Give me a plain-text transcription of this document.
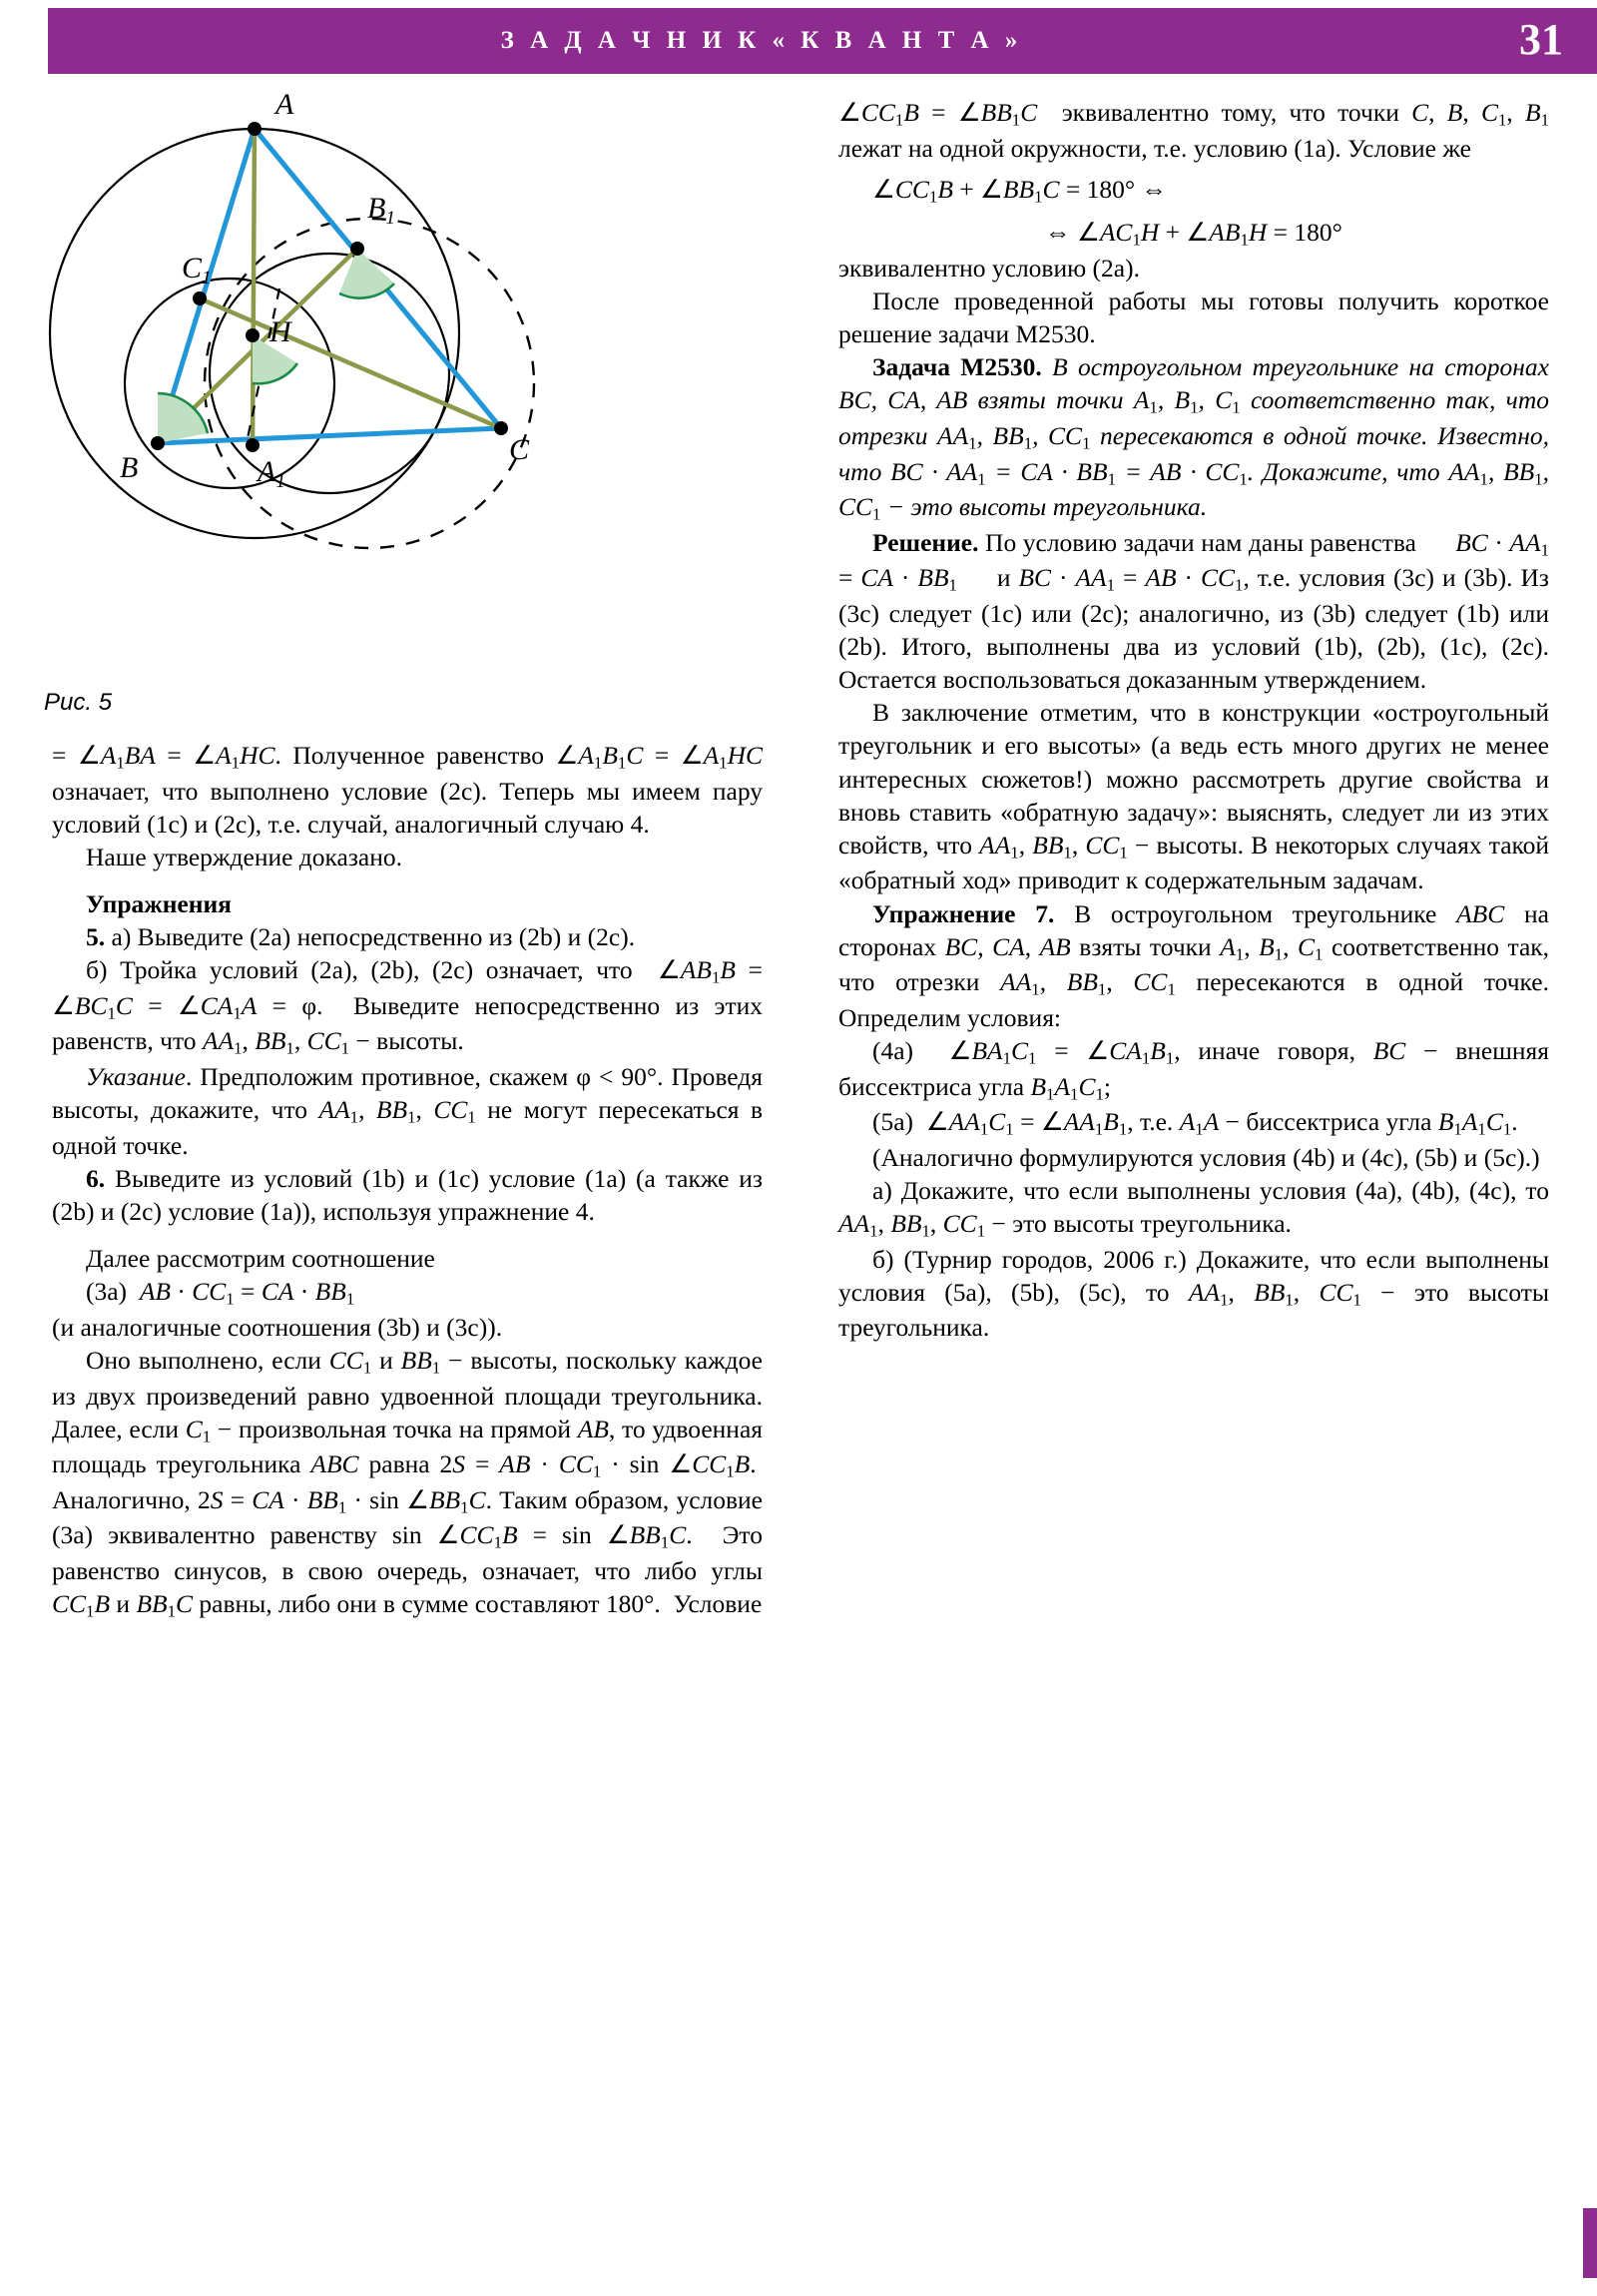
З А Д А Ч Н И К « К В А Н Т А »	31
A
B1
C1
H
B	A1
C
Рис. 5

= $\angle A_1BA$ = $\angle A_1HC$. Полученное равенство $\angle A_1B_1C$ = $\angle A_1HC$ означает, что выполнено условие (2c). Теперь мы имеем пару условий (1c) и (2c), т.е. случай, аналогичный случаю 4.

Наше утверждение доказано.

Упражнения

5. а) Выведите (2a) непосредственно из (2b) и (2c).

б) Тройка условий (2a), (2b), (2c) означает, что  $\angle AB_1B$ = $\angle BC_1C$ = $\angle CA_1A = \varphi$.  Выведите непосредственно из этих равенств, что $AA_1$, $BB_1$, $CC_1$ − высоты.

Указание. Предположим противное, скажем φ < 90°. Проведя высоты, докажите, что $AA_1$, $BB_1$, $CC_1$ не могут пересекаться в одной точке.

6. Выведите из условий (1b) и (1c) условие (1a) (а также из (2b) и (2c) условие (1a)), используя упражнение 4.

Далее рассмотрим соотношение

(3a)  AB · $CC_1$ = CA · $BB_1$

(и аналогичные соотношения (3b) и (3c)).

Оно выполнено, если $CC_1$ и $BB_1$ − высоты, поскольку каждое из двух произведений равно удвоенной площади треугольника. Далее, если $C_1$ − произвольная точка на прямой AB, то удвоенная площадь треугольника ABC равна 2S = AB · $CC_1 \cdot \sin$ $\angle CC_1B$.  Аналогично, 2S = CA · $BB_1 \cdot \sin$ $\angle BB_1C$. Таким образом, условие (3a) эквивалентно равенству $\sin \angle CC_1B = \sin$ $\angle BB_1C$.  Это равенство синусов, в свою очередь, означает, что либо углы $CC_1B$ и $BB_1C$ равны, либо они в сумме составляют 180°.  Условие

$\angle CC_1B$ = $\angle BB_1C$  эквивалентно тому, что точки C, B, $C_1$, $B_1$ лежат на одной окружности, т.е. условию (1a). Условие же

$\angle CC_1B$ + $\angle BB_1C = 180^\circ$ ⇔

⇔ $\angle AC_1H$ + $\angle AB_1H = 180^\circ$

эквивалентно условию (2a).

После проведенной работы мы готовы получить короткое решение задачи М2530.

Задача М2530. В остроугольном треугольнике на сторонах BC, CA, AB взяты точки $A_1$, $B_1$, $C_1$ соответственно так, что отрезки $AA_1$, $BB_1$, $CC_1$ пересекаются в одной точке. Известно, что BC · $AA_1$ = CA · $BB_1$ = AB · $CC_1$. Докажите, что $AA_1$, $BB_1$, $CC_1$ − это высоты треугольника.

Решение. По условию задачи нам даны равенства      BC · $AA_1$ = CA · $BB_1$     и BC · $AA_1$ = AB · $CC_1$, т.е. условия (3c) и (3b). Из (3c) следует (1c) или (2c); аналогично, из (3b) следует (1b) или (2b). Итого, выполнены два из условий (1b), (2b), (1c), (2c). Остается воспользоваться доказанным утверждением.

В заключение отметим, что в конструкции «остроугольный треугольник и его высоты» (а ведь есть много других не менее интересных сюжетов!) можно рассмотреть другие свойства и вновь ставить «обратную задачу»: выяснять, следует ли из этих свойств, что $AA_1$, $BB_1$, $CC_1$ − высоты. В некоторых случаях такой «обратный ход» приводит к содержательным задачам.

Упражнение 7. В остроугольном треугольнике ABC на сторонах BC, CA, AB взяты точки $A_1$, $B_1$, $C_1$ соответственно так, что отрезки $AA_1$, $BB_1$, $CC_1$ пересекаются в одной точке. Определим условия:

(4a)  $\angle BA_1C_1$ = $\angle CA_1B_1$, иначе говоря, BC − внешняя биссектриса угла $B_1A_1C_1$;

(5a)  $\angle AA_1C_1$ = $\angle AA_1B_1$, т.е. $A_1A$ − биссектриса угла $B_1A_1C_1$.

(Аналогично формулируются условия (4b) и (4c), (5b) и (5c).)

а) Докажите, что если выполнены условия (4a), (4b), (4c), то $AA_1$, $BB_1$, $CC_1$ − это высоты треугольника.

б) (Турнир городов, 2006 г.) Докажите, что если выполнены условия (5a), (5b), (5c), то $AA_1$, $BB_1$, $CC_1$ − это высоты треугольника.
